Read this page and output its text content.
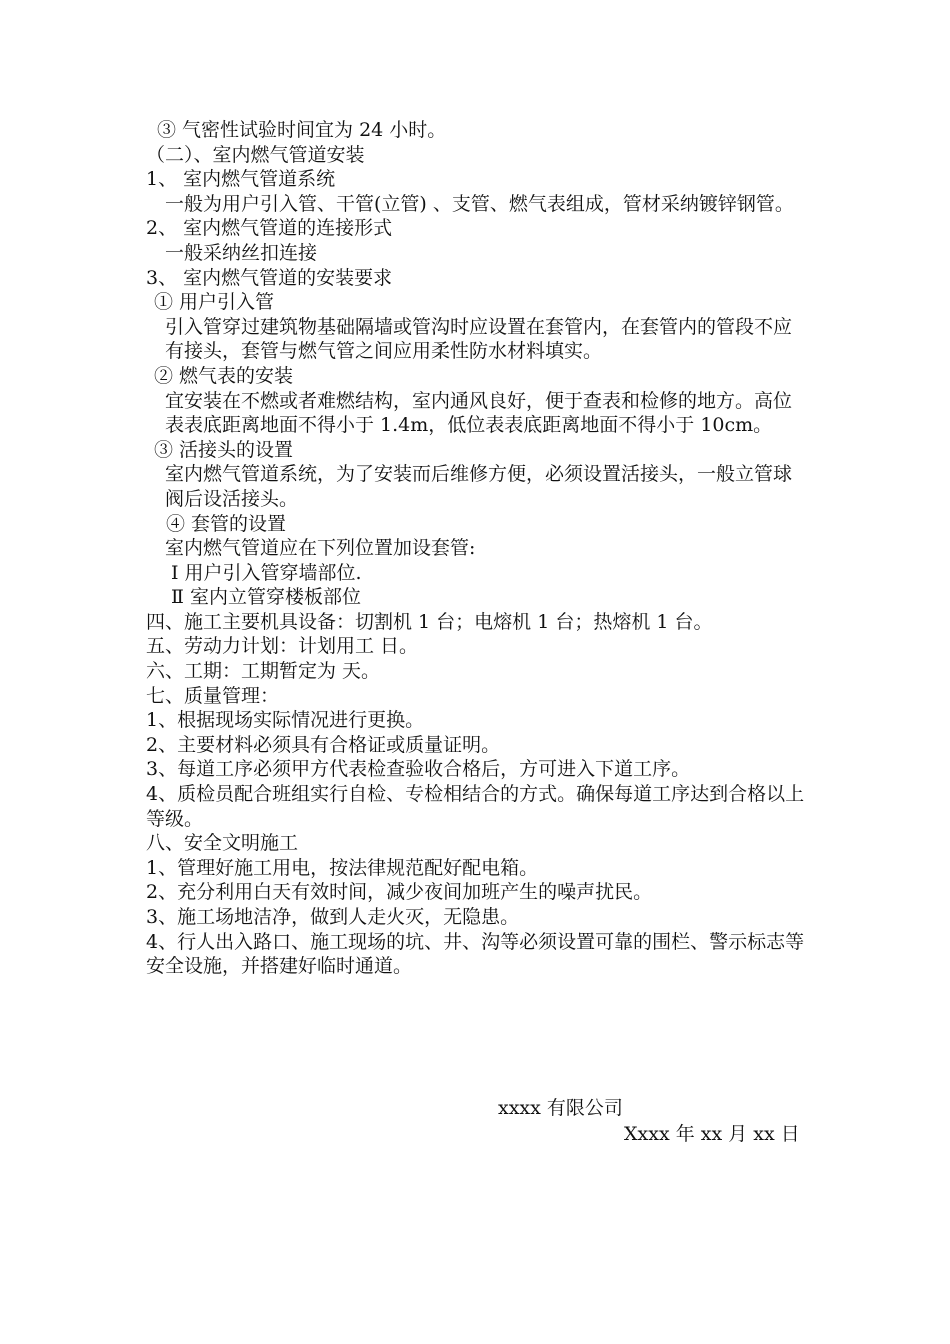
③ 气密性试验时间宜为 24 小时。
（二）、室内燃气管道安装
1、 室内燃气管道系统
一般为用户引入管、干管(立管) 、支管、燃气表组成，管材采纳镀锌钢管。
2、 室内燃气管道的连接形式
一般采纳丝扣连接
3、 室内燃气管道的安装要求
① 用户引入管
引入管穿过建筑物基础隔墙或管沟时应设置在套管内，在套管内的管段不应有接头，套管与燃气管之间应用柔性防水材料填实。
② 燃气表的安装
宜安装在不燃或者难燃结构，室内通风良好，便于查表和检修的地方。高位表表底距离地面不得小于 1.4m，低位表表底距离地面不得小于 10cm。
③ 活接头的设置
室内燃气管道系统，为了安装而后维修方便，必须设置活接头，一般立管球阀后设活接头。
④ 套管的设置
室内燃气管道应在下列位置加设套管:
Ⅰ 用户引入管穿墙部位.
Ⅱ 室内立管穿楼板部位
四、施工主要机具设备：切割机 1 台；电熔机 1 台；热熔机 1 台。
五、劳动力计划：计划用工 日。
六、工期：工期暂定为 天。
七、质量管理：
1、根据现场实际情况进行更换。
2、主要材料必须具有合格证或质量证明。
3、每道工序必须甲方代表检查验收合格后，方可进入下道工序。
4、质检员配合班组实行自检、专检相结合的方式。确保每道工序达到合格以上等级。
八、安全文明施工
1、管理好施工用电，按法律规范配好配电箱。
2、充分利用白天有效时间，减少夜间加班产生的噪声扰民。
3、施工场地洁净，做到人走火灭，无隐患。
4、行人出入路口、施工现场的坑、井、沟等必须设置可靠的围栏、警示标志等安全设施，并搭建好临时通道。
xxxx 有限公司
Xxxx 年 xx 月 xx 日
